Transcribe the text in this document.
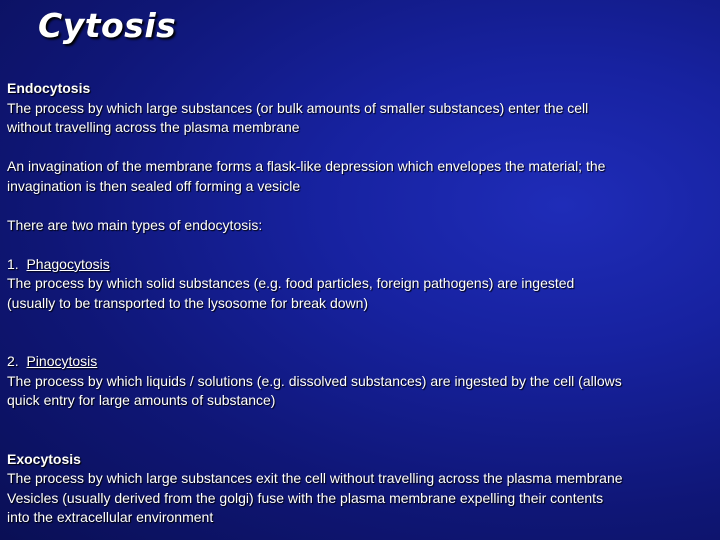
Cytosis

Endocytosis

The process by which large substances (or bulk amounts of smaller substances) enter the cell

without travelling across the plasma membrane

An invagination of the membrane forms a flask-like depression which envelopes the material; the

invagination is then sealed off forming a vesicle

There are two main types of endocytosis:

1. Phagocytosis

The process by which solid substances (e.g. food particles, foreign pathogens) are ingested

(usually to be transported to the lysosome for break down)

2. Pinocytosis

The process by which liquids / solutions (e.g. dissolved substances) are ingested by the cell (allows

quick entry for large amounts of substance)

Exocytosis

The process by which large substances exit the cell without travelling across the plasma membrane

Vesicles (usually derived from the golgi) fuse with the plasma membrane expelling their contents

into the extracellular environment
